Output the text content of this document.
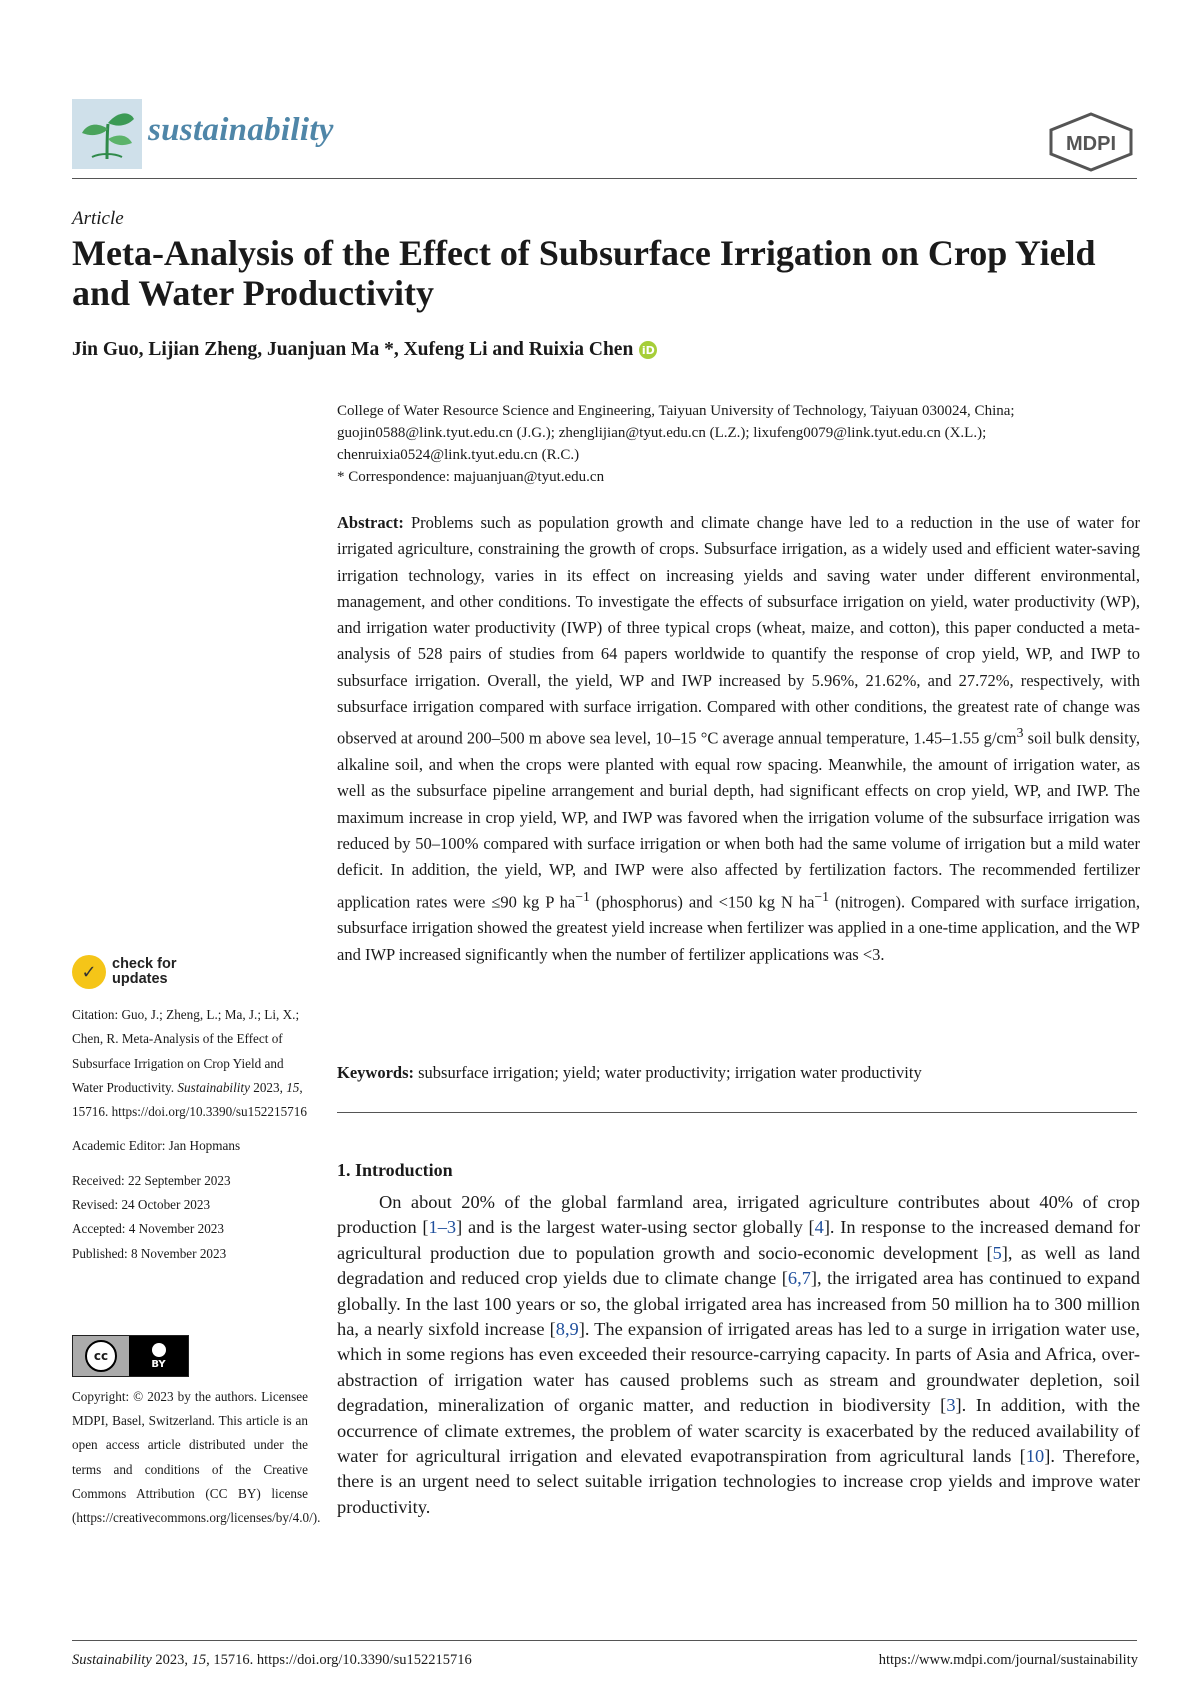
sustainability	MDPI
Article
Meta-Analysis of the Effect of Subsurface Irrigation on Crop Yield and Water Productivity
Jin Guo, Lijian Zheng, Juanjuan Ma *, Xufeng Li and Ruixia Chen iD
College of Water Resource Science and Engineering, Taiyuan University of Technology, Taiyuan 030024, China;
guojin0588@link.tyut.edu.cn (J.G.); zhenglijian@tyut.edu.cn (L.Z.); lixufeng0079@link.tyut.edu.cn (X.L.);
chenruixia0524@link.tyut.edu.cn (R.C.)
* Correspondence: majuanjuan@tyut.edu.cn
Abstract: Problems such as population growth and climate change have led to a reduction in the use of water for irrigated agriculture, constraining the growth of crops. Subsurface irrigation, as a widely used and efficient water-saving irrigation technology, varies in its effect on increasing yields and saving water under different environmental, management, and other conditions. To investigate the effects of subsurface irrigation on yield, water productivity (WP), and irrigation water productivity (IWP) of three typical crops (wheat, maize, and cotton), this paper conducted a meta-analysis of 528 pairs of studies from 64 papers worldwide to quantify the response of crop yield, WP, and IWP to subsurface irrigation. Overall, the yield, WP and IWP increased by 5.96%, 21.62%, and 27.72%, respectively, with subsurface irrigation compared with surface irrigation. Compared with other conditions, the greatest rate of change was observed at around 200–500 m above sea level, 10–15 °C average annual temperature, 1.45–1.55 $g/cm^3$ soil bulk density, alkaline soil, and when the crops were planted with equal row spacing. Meanwhile, the amount of irrigation water, as well as the subsurface pipeline arrangement and burial depth, had significant effects on crop yield, WP, and IWP. The maximum increase in crop yield, WP, and IWP was favored when the irrigation volume of the subsurface irrigation was reduced by 50–100% compared with surface irrigation or when both had the same volume of irrigation but a mild water deficit. In addition, the yield, WP, and IWP were also affected by fertilization factors. The recommended fertilizer application rates were ≤90 kg P $ha^{-1}$ (phosphorus) and <150 kg N $ha^{-1}$ (nitrogen). Compared with surface irrigation, subsurface irrigation showed the greatest yield increase when fertilizer was applied in a one-time application, and the WP and IWP increased significantly when the number of fertilizer applications was <3.
Keywords: subsurface irrigation; yield; water productivity; irrigation water productivity
1. Introduction
On about 20% of the global farmland area, irrigated agriculture contributes about 40% of crop production [1–3] and is the largest water-using sector globally [4]. In response to the increased demand for agricultural production due to population growth and socio-economic development [5], as well as land degradation and reduced crop yields due to climate change [6,7], the irrigated area has continued to expand globally. In the last 100 years or so, the global irrigated area has increased from 50 million ha to 300 million ha, a nearly sixfold increase [8,9]. The expansion of irrigated areas has led to a surge in irrigation water use, which in some regions has even exceeded their resource-carrying capacity. In parts of Asia and Africa, over-abstraction of irrigation water has caused problems such as stream and groundwater depletion, soil degradation, mineralization of organic matter, and reduction in biodiversity [3]. In addition, with the occurrence of climate extremes, the problem of water scarcity is exacerbated by the reduced availability of water for agricultural irrigation and elevated evapotranspiration from agricultural lands [10]. Therefore, there is an urgent need to select suitable irrigation technologies to increase crop yields and improve water productivity.
✓	check for
updates
Citation: Guo, J.; Zheng, L.; Ma, J.; Li, X.; Chen, R. Meta-Analysis of the Effect of Subsurface Irrigation on Crop Yield and Water Productivity. Sustainability 2023, 15, 15716. https://doi.org/10.3390/su152215716
Academic Editor: Jan Hopmans
Received: 22 September 2023
Revised: 24 October 2023
Accepted: 4 November 2023
Published: 8 November 2023
cc
BY
Copyright: © 2023 by the authors. Licensee MDPI, Basel, Switzerland. This article is an open access article distributed under the terms and conditions of the Creative Commons Attribution (CC BY) license (https://creativecommons.org/licenses/by/4.0/).
Sustainability 2023, 15, 15716. https://doi.org/10.3390/su152215716	https://www.mdpi.com/journal/sustainability
